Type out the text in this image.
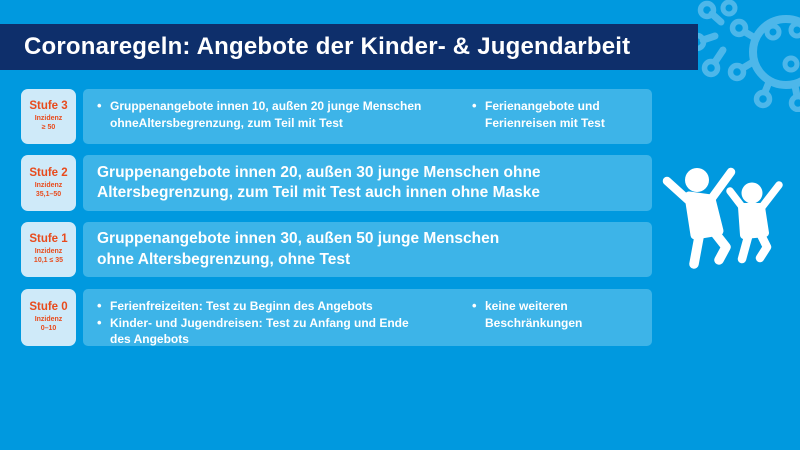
Coronaregeln: Angebote der Kinder- & Jugendarbeit
Stufe 3
Inzidenz
≥ 50
• Gruppenangebote innen 10, außen 20 junge Menschen ohneAltersbegrenzung, zum Teil mit Test
• Ferienangebote und Ferienreisen mit Test
Stufe 2
Inzidenz
35,1–50
Gruppenangebote innen 20, außen 30 junge Menschen ohne
Altersbegrenzung, zum Teil mit Test auch innen ohne Maske
Stufe 1
Inzidenz
10,1 ≤ 35
Gruppenangebote innen 30, außen 50 junge Menschen
ohne Altersbegrenzung, ohne Test
Stufe 0
Inzidenz
0–10
• Ferienfreizeiten: Test zu Beginn des Angebots
• Kinder- und Jugendreisen: Test zu Anfang und Ende des Angebots
• keine weiteren Beschränkungen
